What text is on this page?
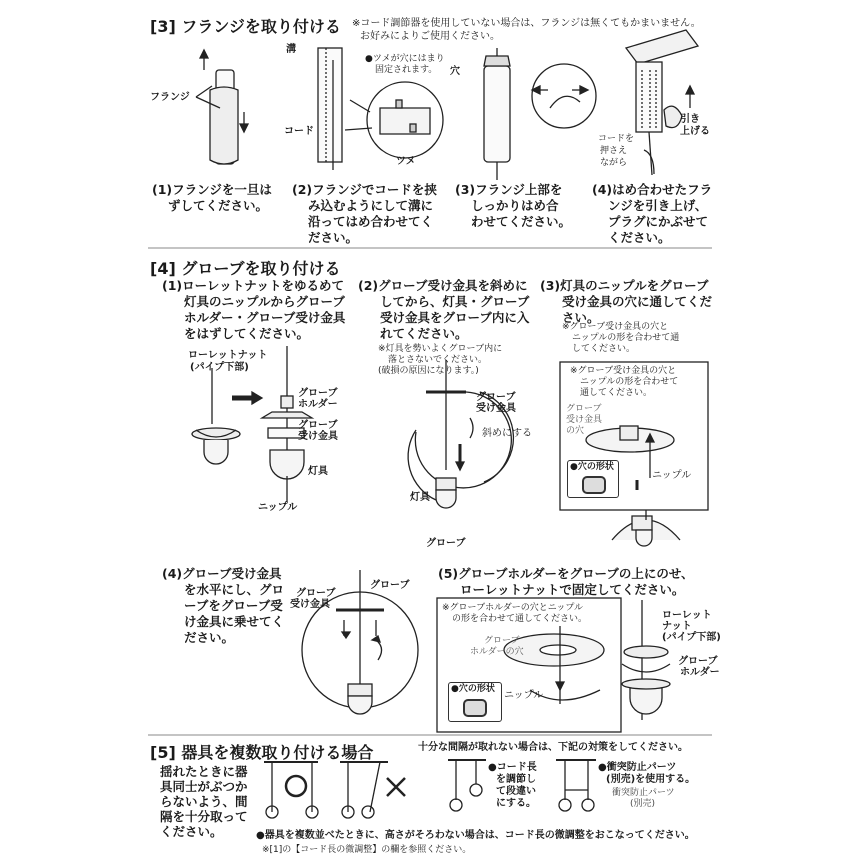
[3] フランジを取り付ける ※コード調節器を使用していない場合は、フランジは無くてもかまいません。
お好みによりご使用ください。
フランジ
溝
コード
●ツメが穴にはまり
固定されます。 穴
ツメ
引き
上げる
コードを
押さえ
ながら
(1)フランジを一旦は
ずしてください。
(2)フランジでコードを挟
み込むようにして溝に
沿ってはめ合わせてく
ださい。
(3)フランジ上部を
しっかりはめ合
わせてください。
(4)はめ合わせたフラ
ンジを引き上げ、
プラグにかぶせて
ください。
[4] グローブを取り付ける
(1)ローレットナットをゆるめて
灯具のニップルからグローブ
ホルダー・グローブ受け金具
をはずしてください。
(2)グローブ受け金具を斜めに
してから、灯具・グローブ
受け金具をグローブ内に入
れてください。
※灯具を勢いよくグローブ内に
落とさないでください。
(破損の原因になります。)
(3)灯具のニップルをグローブ
受け金具の穴に通してくだ
さい。
※グローブ受け金具の穴と
ニップルの形を合わせて通
してください。
※グローブ受け金具の穴と
ニップルの形を合わせて
通してください。
ローレットナット
(パイプ下部)
グローブ
ホルダー
グローブ
受け金具
灯具
ニップル
グローブ
受け金具
斜めにする
灯具
グローブ
グローブ
受け金具
の穴
●穴の形状
ニップル
(4)グローブ受け金具
を水平にし、グロ
ーブをグローブ受
け金具に乗せてく
ださい。
グローブ
受け金具
グローブ
(5)グローブホルダーをグローブの上にのせ、
ローレットナットで固定してください。
※グローブホルダーの穴とニップル
の形を合わせて通してください。
グローブ
ホルダーの穴
●穴の形状
ニップル
ローレット
ナット
(パイプ下部)
グローブ
ホルダー
[5] 器具を複数取り付ける場合	十分な間隔が取れない場合は、下記の対策をしてください。
揺れたときに器
具同士がぶつか
らないよう、間
隔を十分取って
ください。
●コード長
を調節し
て段違い
にする。
●衝突防止パーツ
(別売)を使用する。
衝突防止パーツ
(別売)
●器具を複数並べたときに、高さがそろわない場合は、コード長の微調整をおこなってください。
※[1]の【コード長の微調整】の欄を参照ください。
